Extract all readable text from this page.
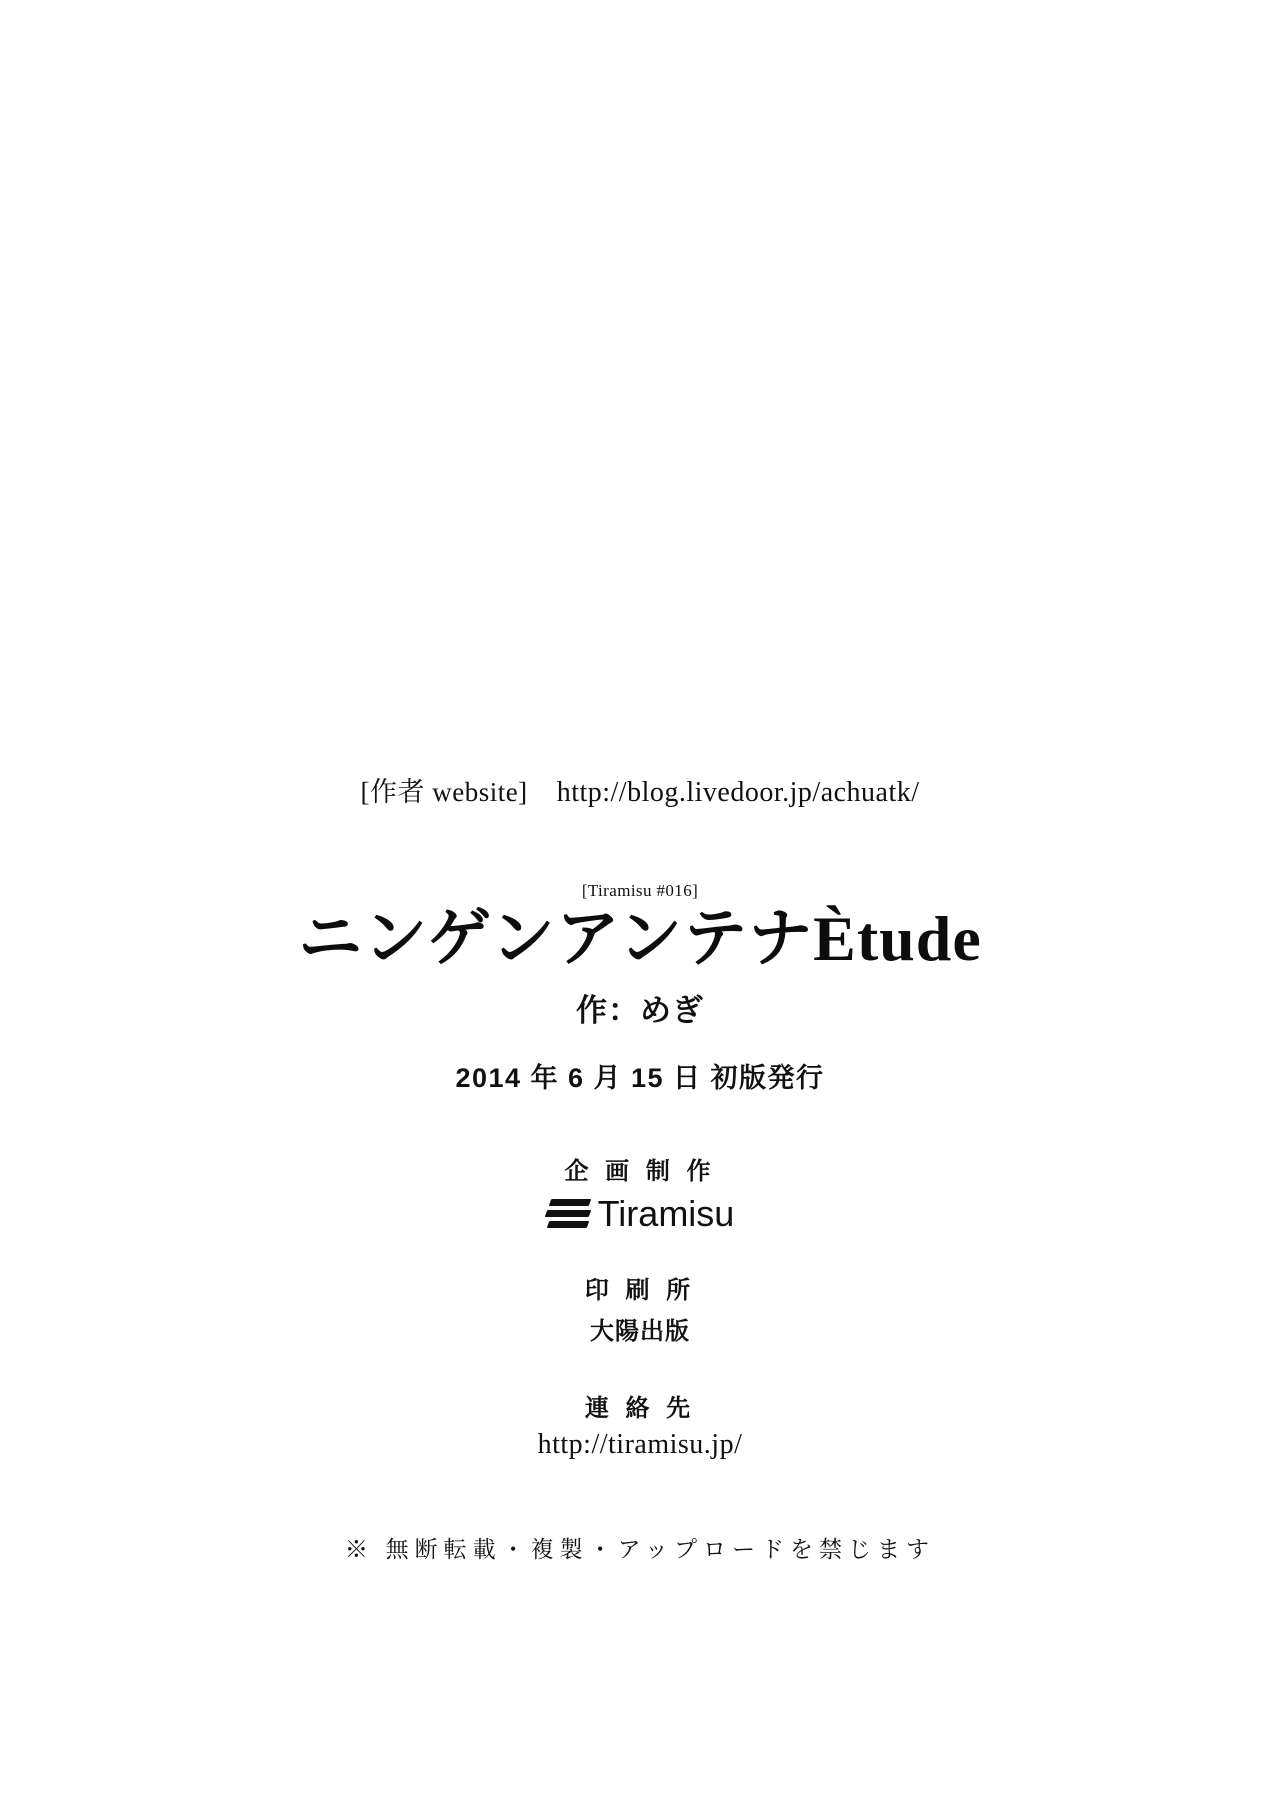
[作者 website] http://blog.livedoor.jp/achuatk/
[Tiramisu #016]
ニンゲンアンテナÈtude
作：めぎ
2014 年 6 月 15 日 初版発行
企 画 制 作
Tiramisu
印 刷 所
大陽出版
連 絡 先
http://tiramisu.jp/
※ 無断転載・複製・アップロードを禁じます
